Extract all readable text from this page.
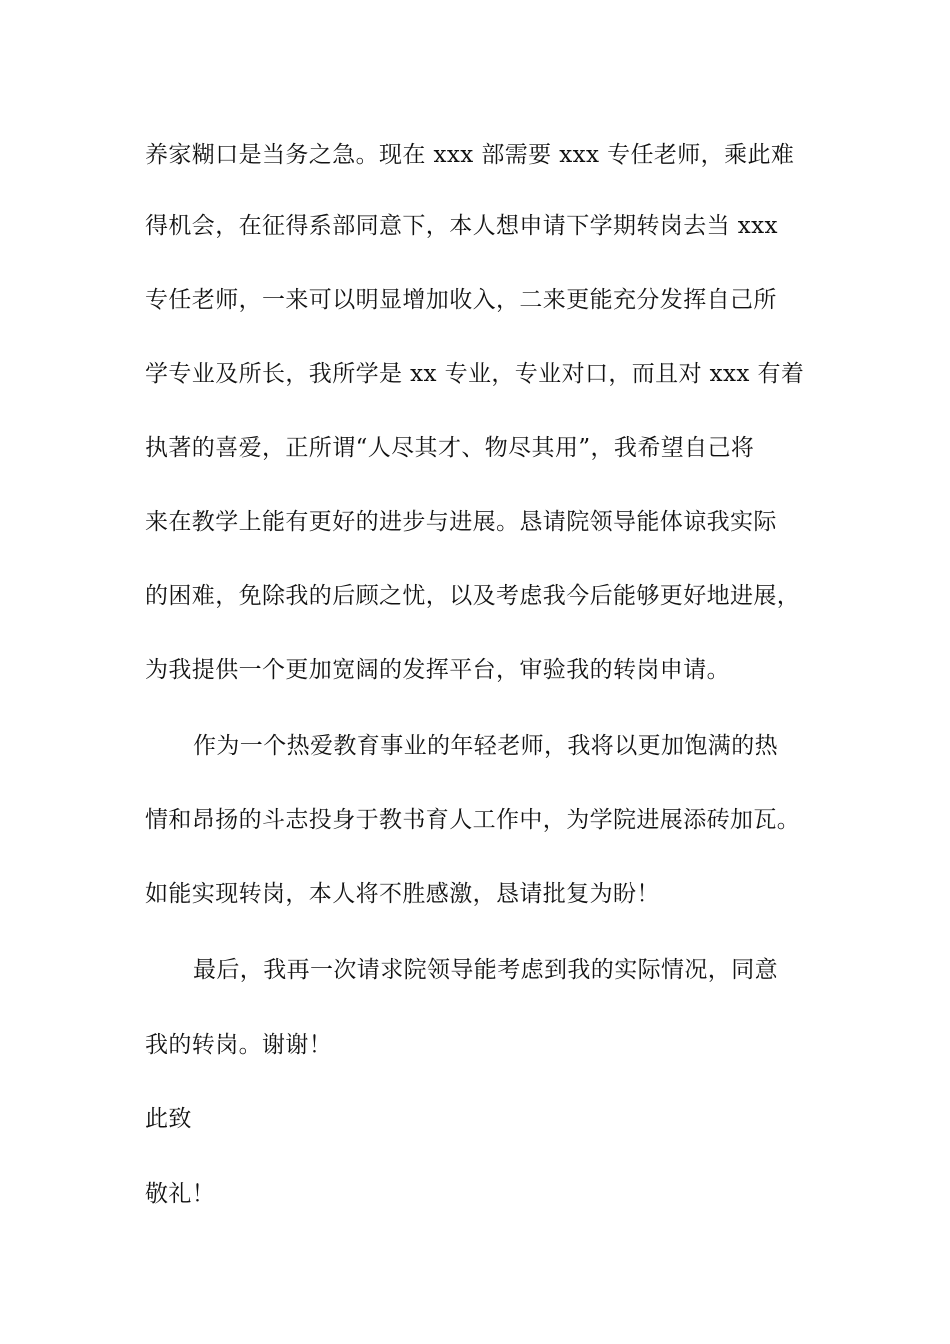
养家糊口是当务之急。现在 xxx 部需要 xxx 专任老师，乘此难
得机会，在征得系部同意下，本人想申请下学期转岗去当 xxx
专任老师，一来可以明显增加收入，二来更能充分发挥自己所
学专业及所长，我所学是 xx 专业，专业对口，而且对 xxx 有着
执著的喜爱，正所谓“人尽其才、物尽其用”，我希望自己将
来在教学上能有更好的进步与进展。恳请院领导能体谅我实际
的困难，免除我的后顾之忧，以及考虑我今后能够更好地进展，
为我提供一个更加宽阔的发挥平台，审验我的转岗申请。
作为一个热爱教育事业的年轻老师，我将以更加饱满的热
情和昂扬的斗志投身于教书育人工作中，为学院进展添砖加瓦。
如能实现转岗，本人将不胜感激，恳请批复为盼！
最后，我再一次请求院领导能考虑到我的实际情况，同意
我的转岗。谢谢！
此致
敬礼！
